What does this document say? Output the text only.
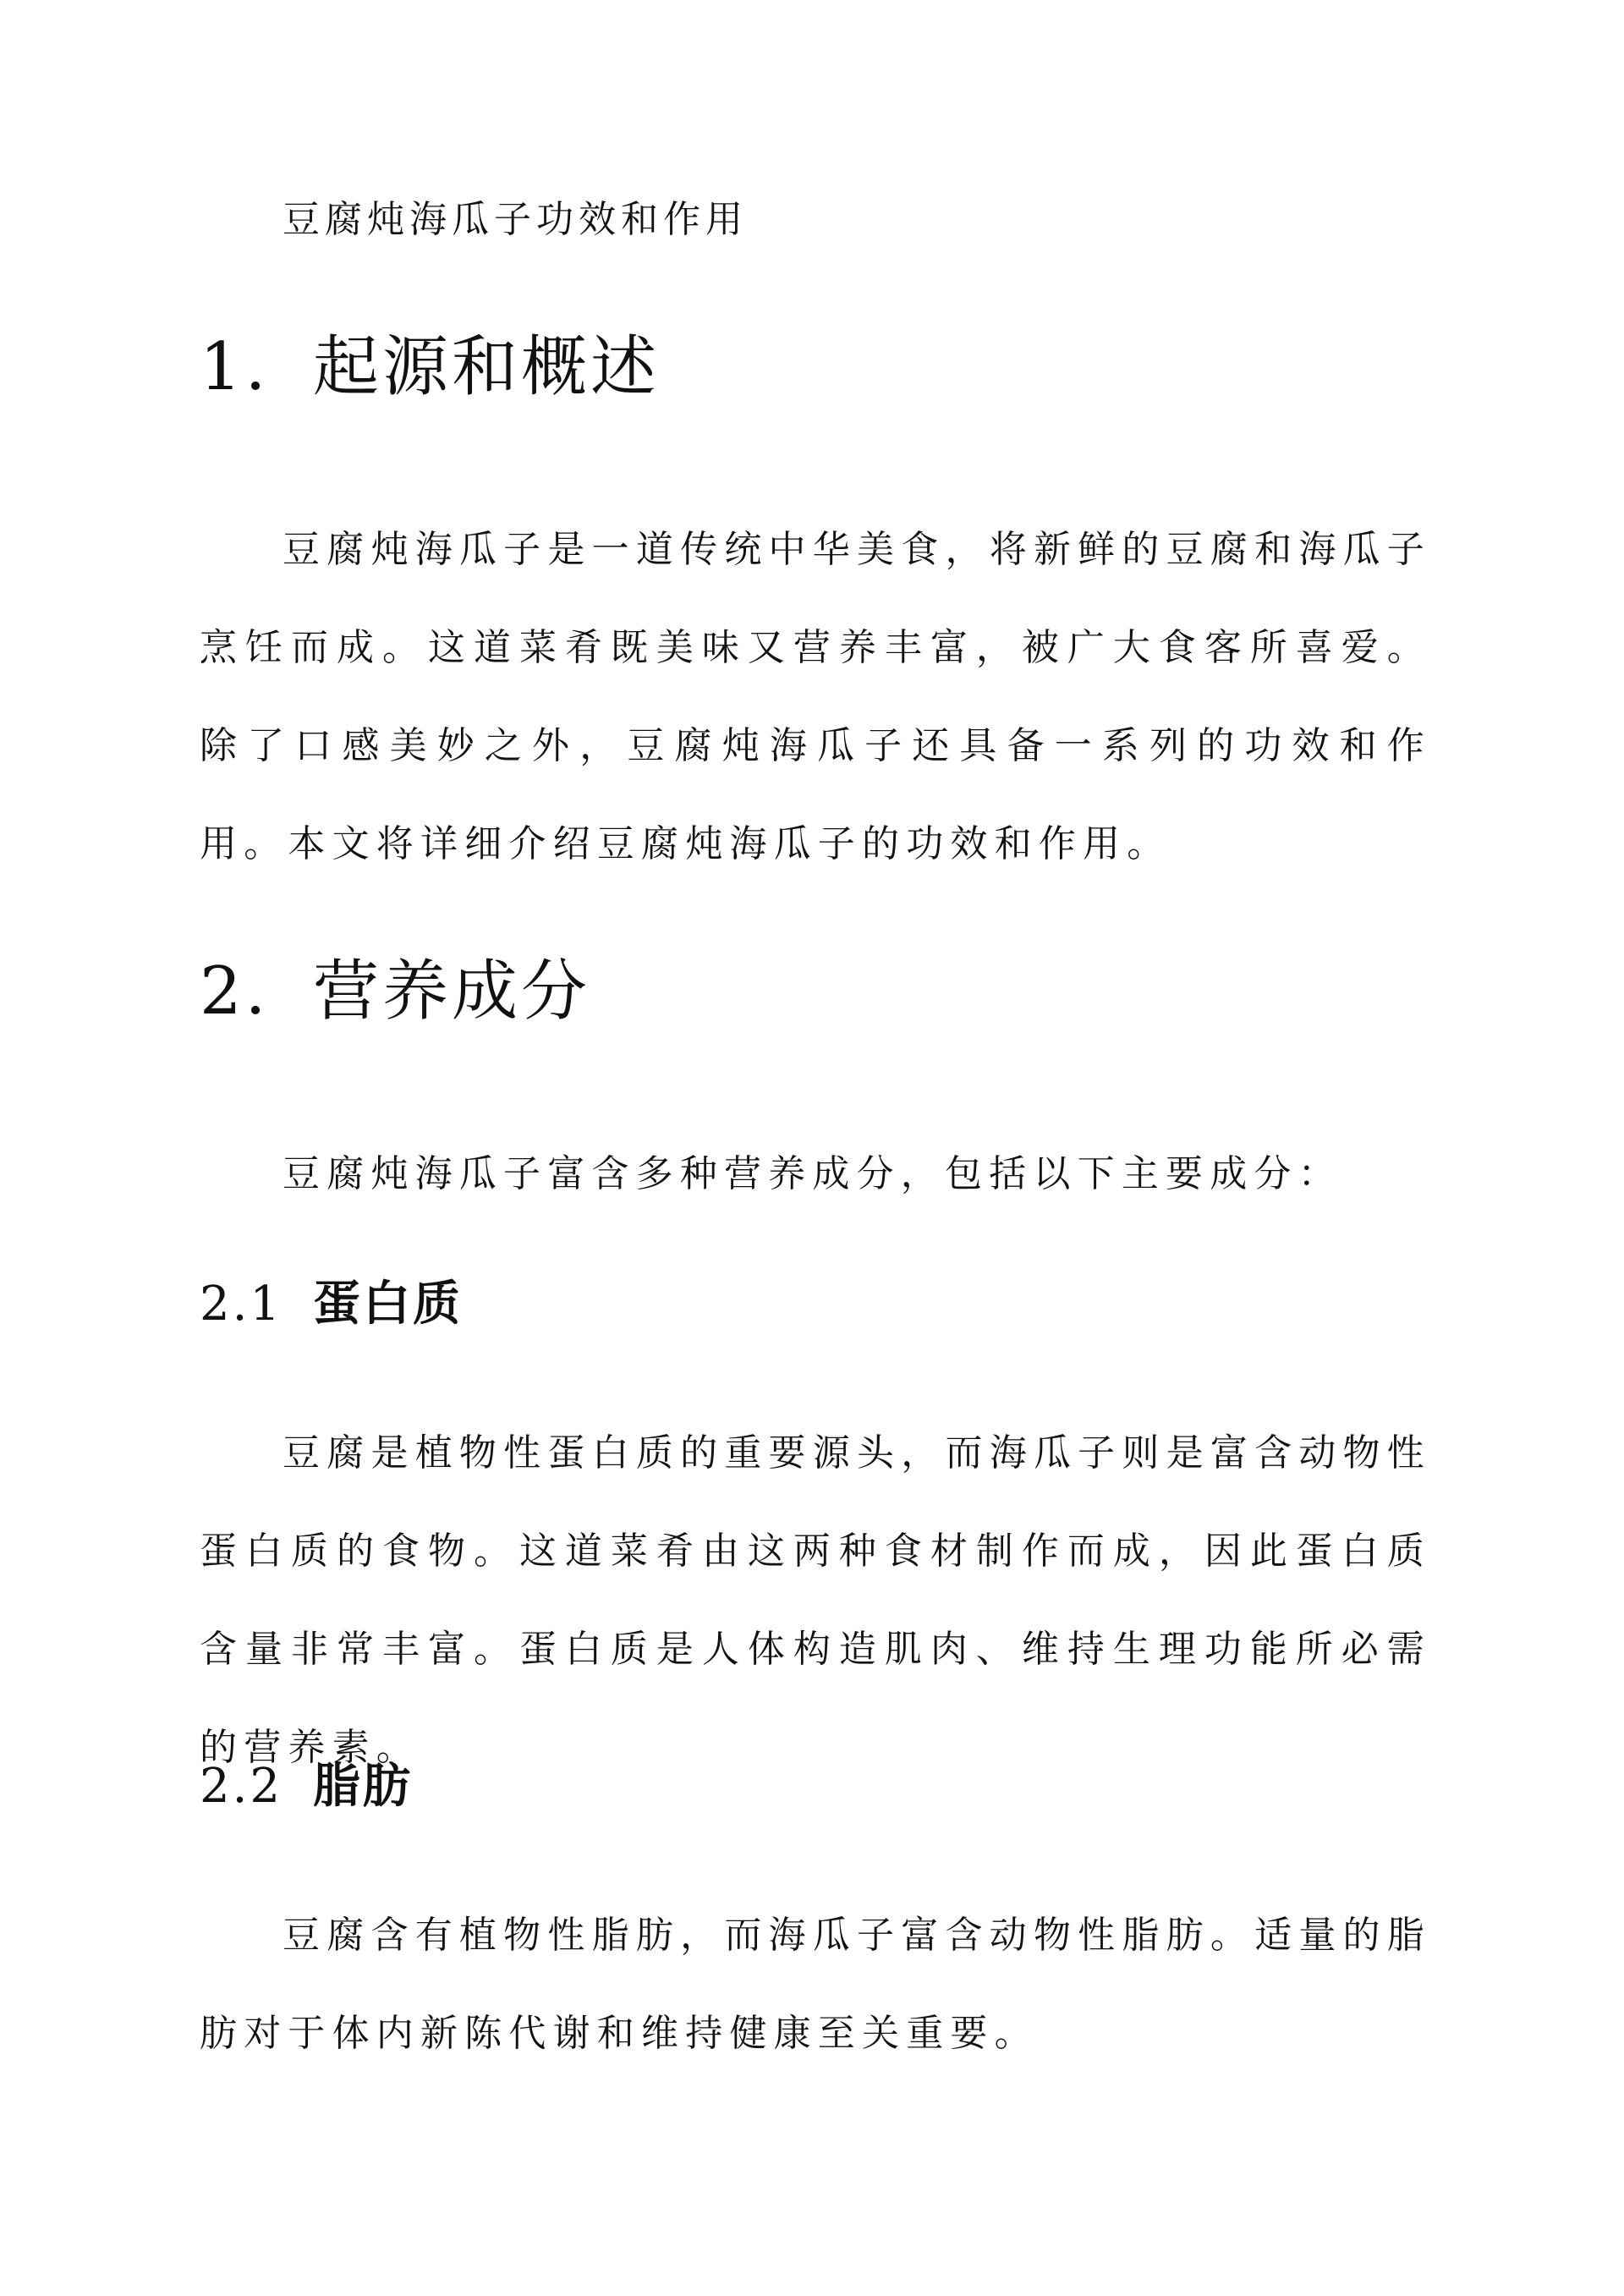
豆腐炖海瓜子功效和作用
1. 起源和概述

豆腐炖海瓜子是一道传统中华美食，将新鲜的豆腐和海瓜子烹饪而成。这道菜肴既美味又营养丰富，被广大食客所喜爱。除了口感美妙之外，豆腐炖海瓜子还具备一系列的功效和作用。本文将详细介绍豆腐炖海瓜子的功效和作用。

2. 营养成分

豆腐炖海瓜子富含多种营养成分，包括以下主要成分：

2.1 蛋白质

豆腐是植物性蛋白质的重要源头，而海瓜子则是富含动物性蛋白质的食物。这道菜肴由这两种食材制作而成，因此蛋白质含量非常丰富。蛋白质是人体构造肌肉、维持生理功能所必需的营养素。

2.2 脂肪

豆腐含有植物性脂肪，而海瓜子富含动物性脂肪。适量的脂肪对于体内新陈代谢和维持健康至关重要。
